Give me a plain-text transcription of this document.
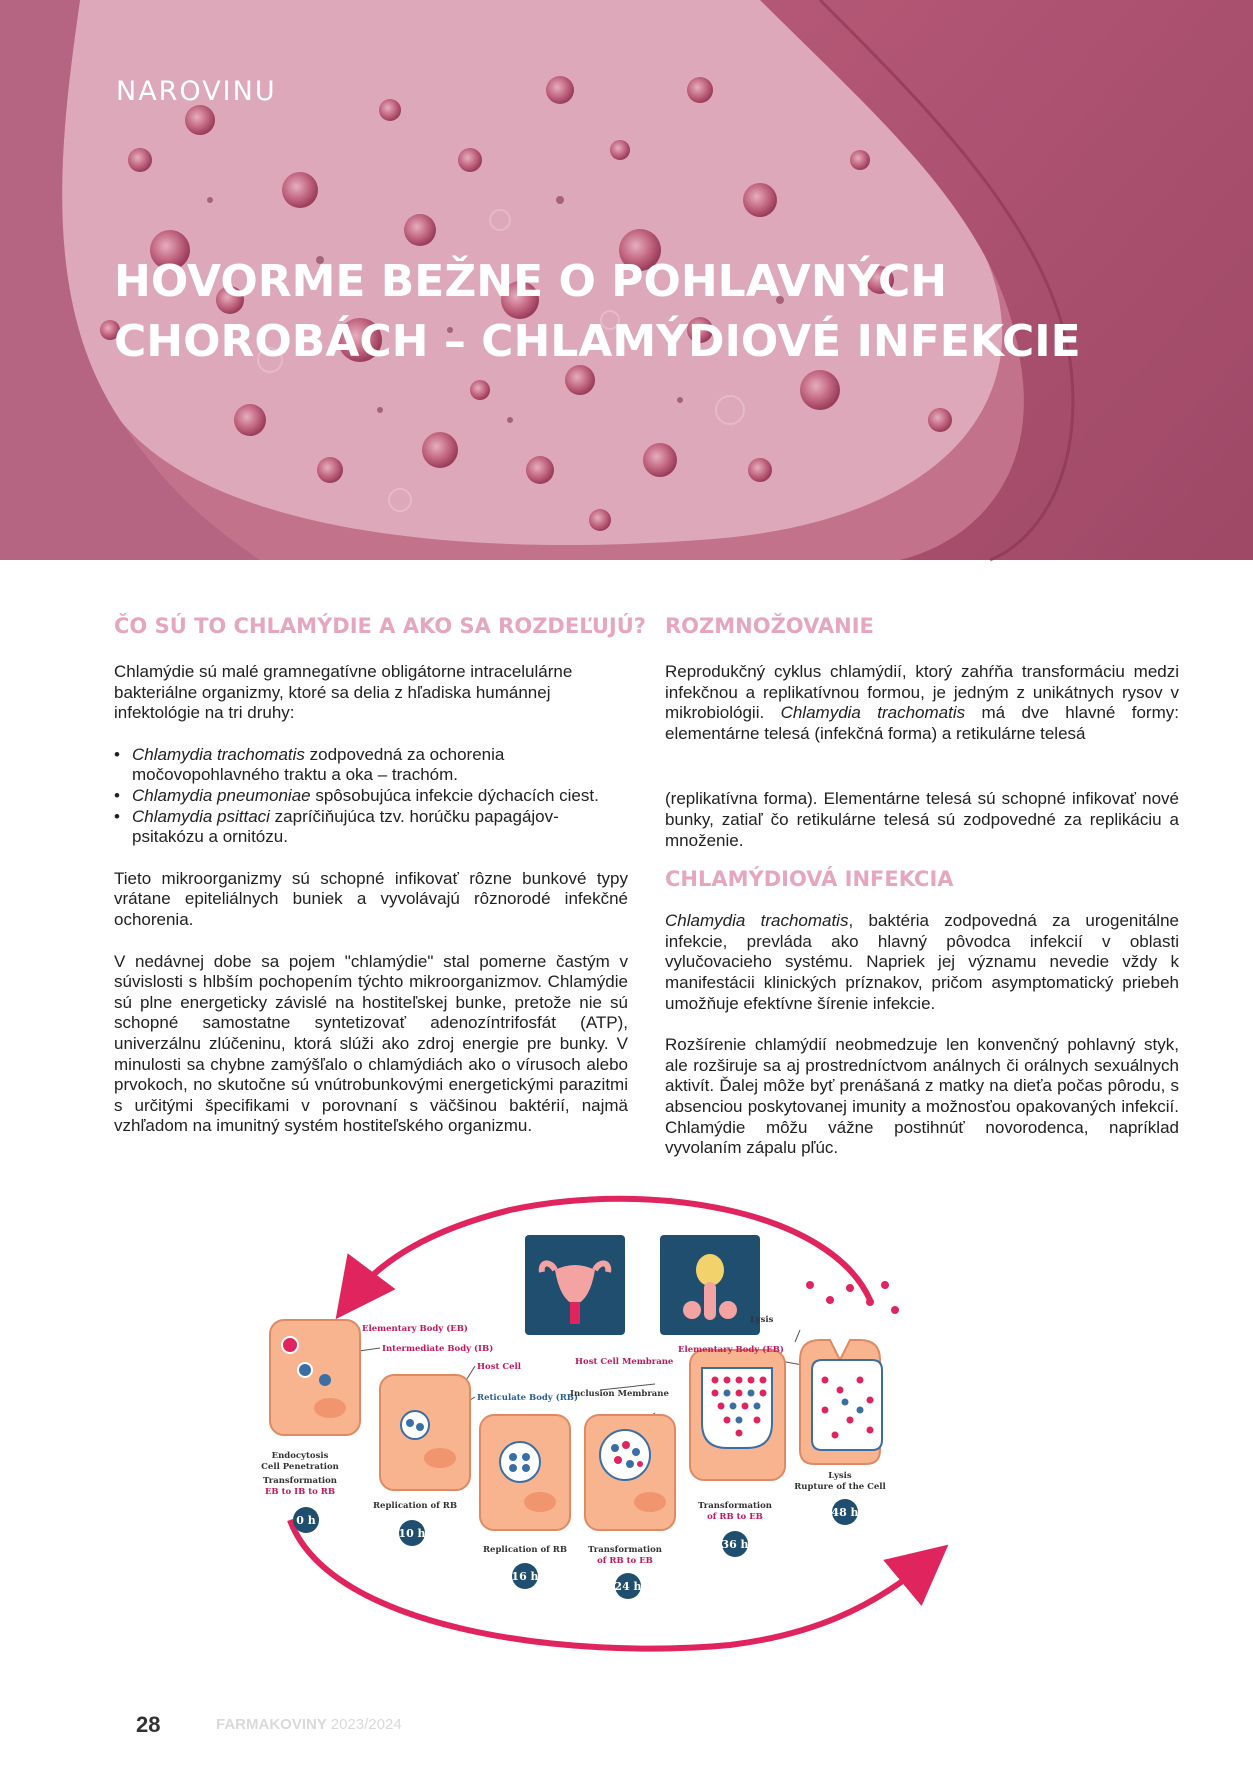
NAROVINU
HOVORME BEŽNE O POHLAVNÝCH
CHOROBÁCH – CHLAMÝDIOVÉ INFEKCIE
ČO SÚ TO CHLAMÝDIE A AKO SA ROZDEĽUJÚ?

Chlamýdie sú malé gramnegatívne obligátorne intracelulárne bakteriálne organizmy, ktoré sa delia z hľadiska humánnej infektológie na tri druhy:

• Chlamydia trachomatis zodpovedná za ochorenia močovopohlavného traktu a oka – trachóm.
• Chlamydia pneumoniae spôsobujúca infekcie dýchacích ciest.
• Chlamydia psittaci zapríčiňujúca tzv. horúčku papagájov-psitakózu a ornitózu.

Tieto mikroorganizmy sú schopné infikovať rôzne bunkové typy vrátane epiteliálnych buniek a vyvolávajú rôznorodé infekčné ochorenia.

V nedávnej dobe sa pojem "chlamýdie" stal pomerne častým v súvislosti s hlbším pochopením týchto mikroorganizmov. Chlamýdie sú plne energeticky závislé na hostiteľskej bunke, pretože nie sú schopné samostatne syntetizovať adenozíntrifosfát (ATP), univerzálnu zlúčeninu, ktorá slúži ako zdroj energie pre bunky. V minulosti sa chybne zamýšľalo o chlamýdiách ako o vírusoch alebo prvokoch, no skutočne sú vnútrobunkovými energetickými parazitmi s určitými špecifikami v porovnaní s väčšinou baktérií, najmä vzhľadom na imunitný systém hostiteľského organizmu.

ROZMNOŽOVANIE

Reprodukčný cyklus chlamýdií, ktorý zahŕňa transformáciu medzi infekčnou a replikatívnou formou, je jedným z unikátnych rysov v mikrobiológii. Chlamydia trachomatis má dve hlavné formy: elementárne telesá (infekčná forma) a retikulárne telesá

(replikatívna forma). Elementárne telesá sú schopné infikovať nové bunky, zatiaľ čo retikulárne telesá sú zodpovedné za replikáciu a množenie.

CHLAMÝDIOVÁ INFEKCIA

Chlamydia trachomatis, baktéria zodpovedná za urogenitálne infekcie, prevláda ako hlavný pôvodca infekcií v oblasti vylučovacieho systému. Napriek jej významu nevedie vždy k manifestácii klinických príznakov, pričom asymptomatický priebeh umožňuje efektívne šírenie infekcie.

Rozšírenie chlamýdií neobmedzuje len konvenčný pohlavný styk, ale rozširuje sa aj prostredníctvom análnych či orálnych sexuálnych aktivít. Ďalej môže byť prenášaná z matky na dieťa počas pôrodu, s absenciou poskytovanej imunity a možnosťou opakovaných infekcií. Chlamýdie môžu vážne postihnúť novorodenca, napríklad vyvolaním zápalu pľúc.

Elementary Body (EB)
Intermediate Body (IB)
Host Cell
Reticulate Body (RB)
Host Cell Membrane
Inclusion Membrane
Lysis
Elementary Body (EB)
Endocytosis
Cell Penetration
Transformation
EB to IB to RB
Replication of RB
Replication of RB Transformation
of RB to EB
Transformation
of RB to EB
Lysis
Rupture of the Cell
0 h
10 h
16 h
24 h
36 h
48 h
28	FARMAKOVINY 2023/2024
